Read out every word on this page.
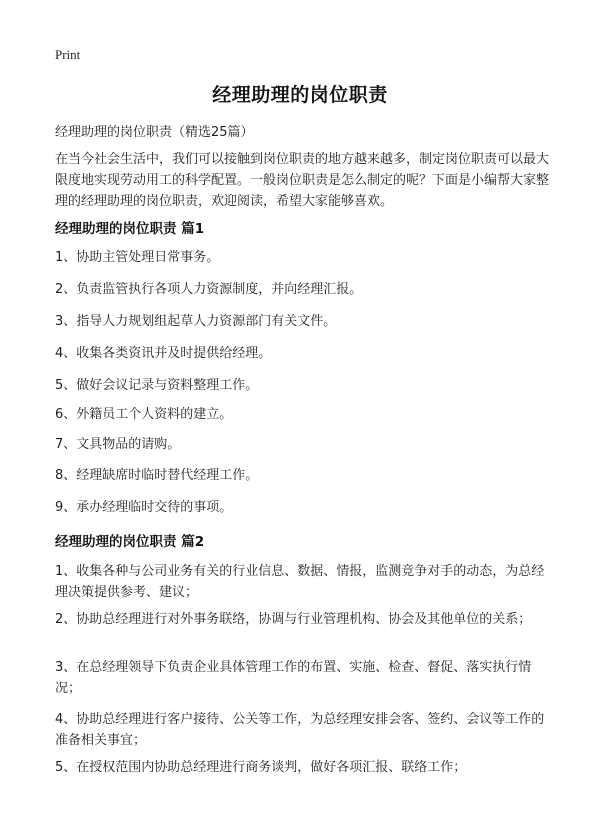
Print
经理助理的岗位职责
经理助理的岗位职责（精选25篇）

在当今社会生活中，我们可以接触到岗位职责的地方越来越多，制定岗位职责可以最大限度地实现劳动用工的科学配置。一般岗位职责是怎么制定的呢？下面是小编帮大家整理的经理助理的岗位职责，欢迎阅读，希望大家能够喜欢。

经理助理的岗位职责 篇1

1、协助主管处理日常事务。

2、负责监管执行各项人力资源制度，并向经理汇报。

3、指导人力规划组起草人力资源部门有关文件。

4、收集各类资讯并及时提供给经理。

5、做好会议记录与资料整理工作。

6、外籍员工个人资料的建立。

7、文具物品的请购。

8、经理缺席时临时替代经理工作。

9、承办经理临时交待的事项。

经理助理的岗位职责 篇2

1、收集各种与公司业务有关的行业信息、数据、情报，监测竞争对手的动态，为总经理决策提供参考、建议；

2、协助总经理进行对外事务联络，协调与行业管理机构、协会及其他单位的关系；

3、在总经理领导下负责企业具体管理工作的布置、实施、检查、督促、落实执行情况；

4、协助总经理进行客户接待、公关等工作，为总经理安排会客、签约、会议等工作的准备相关事宜；

5、在授权范围内协助总经理进行商务谈判，做好各项汇报、联络工作；
